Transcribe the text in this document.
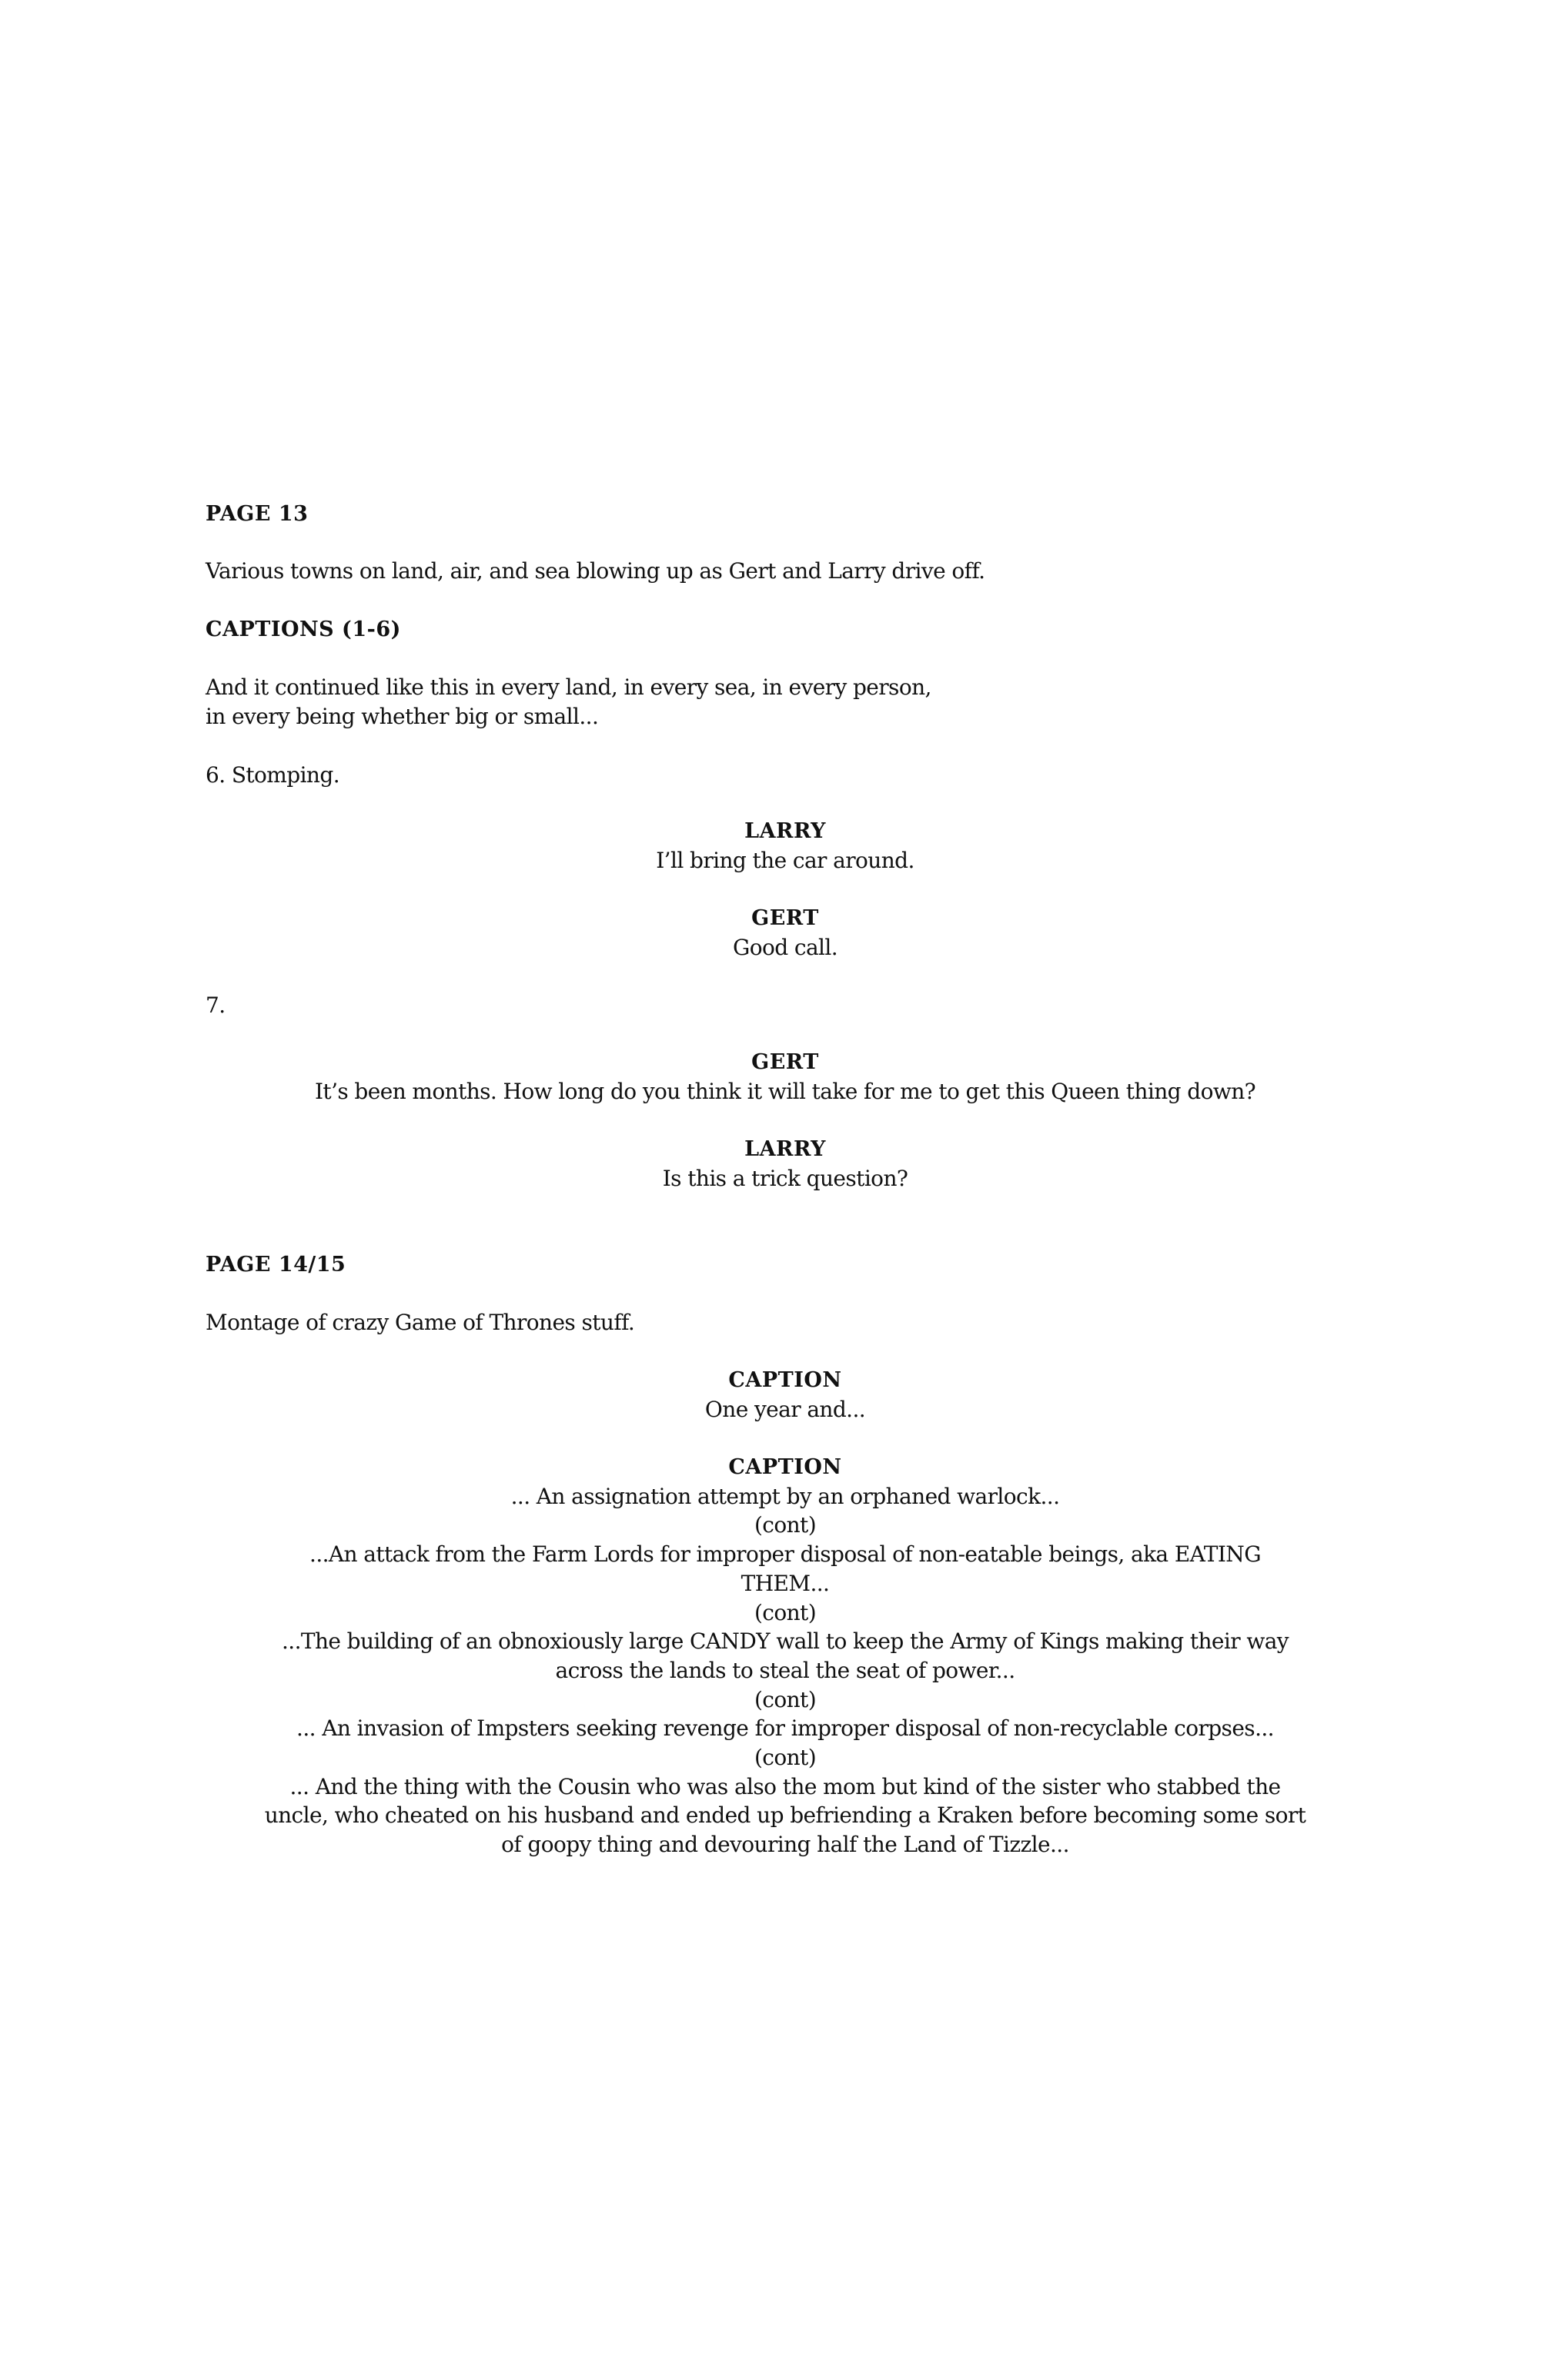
PAGE 13
Various towns on land, air, and sea blowing up as Gert and Larry drive off.
CAPTIONS (1-6)
And it continued like this in every land, in every sea, in every person,
in every being whether big or small...
6. Stomping.
LARRY
I’ll bring the car around.
GERT
Good call.
7.
GERT
It’s been months. How long do you think it will take for me to get this Queen thing down?
LARRY
Is this a trick question?
PAGE 14/15
Montage of crazy Game of Thrones stuff.
CAPTION
One year and...
CAPTION
... An assignation attempt by an orphaned warlock...
(cont)
...An attack from the Farm Lords for improper disposal of non-eatable beings, aka EATING
THEM...
(cont)
...The building of an obnoxiously large CANDY wall to keep the Army of Kings making their way
across the lands to steal the seat of power...
(cont)
... An invasion of Impsters seeking revenge for improper disposal of non-recyclable corpses...
(cont)
... And the thing with the Cousin who was also the mom but kind of the sister who stabbed the
uncle, who cheated on his husband and ended up befriending a Kraken before becoming some sort
of goopy thing and devouring half the Land of Tizzle...
